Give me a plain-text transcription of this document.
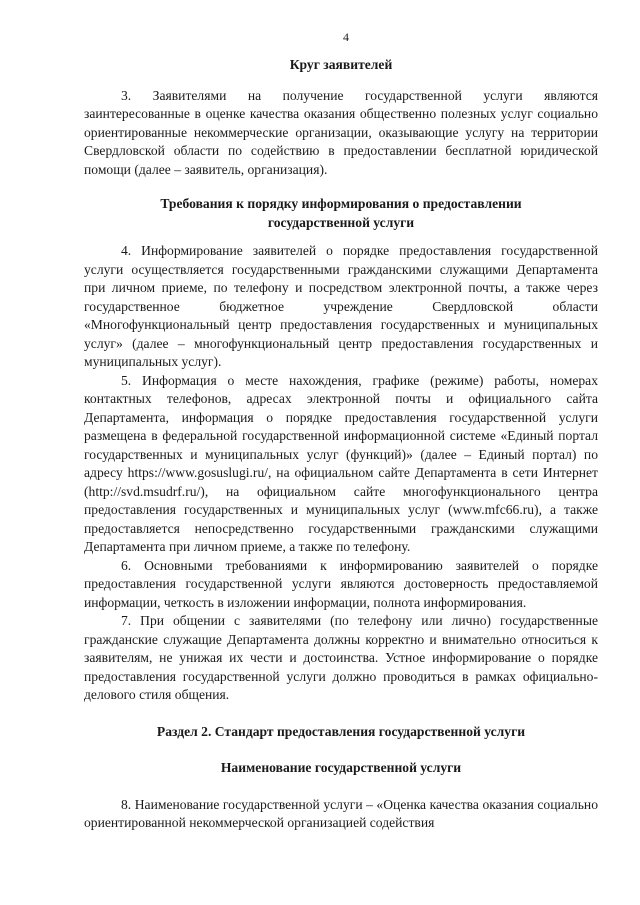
4
Круг заявителей

3. Заявителями на получение государственной услуги являются заинтересованные в оценке качества оказания общественно полезных услуг социально ориентированные некоммерческие организации, оказывающие услугу на территории Свердловской области по содействию в предоставлении бесплатной юридической помощи (далее – заявитель, организация).

Требования к порядку информирования о предоставлении государственной услуги

4. Информирование заявителей о порядке предоставления государственной услуги осуществляется государственными гражданскими служащими Департамента при личном приеме, по телефону и посредством электронной почты, а также через государственное бюджетное учреждение Свердловской области «Многофункциональный центр предоставления государственных и муниципальных услуг» (далее – многофункциональный центр предоставления государственных и муниципальных услуг).

5. Информация о месте нахождения, графике (режиме) работы, номерах контактных телефонов, адресах электронной почты и официального сайта Департамента, информация о порядке предоставления государственной услуги размещена в федеральной государственной информационной системе «Единый портал государственных и муниципальных услуг (функций)» (далее – Единый портал) по адресу https://www.gosuslugi.ru/, на официальном сайте Департамента в сети Интернет (http://svd.msudrf.ru/), на официальном сайте многофункционального центра предоставления государственных и муниципальных услуг (www.mfc66.ru), а также предоставляется непосредственно государственными гражданскими служащими Департамента при личном приеме, а также по телефону.

6. Основными требованиями к информированию заявителей о порядке предоставления государственной услуги являются достоверность предоставляемой информации, четкость в изложении информации, полнота информирования.

7. При общении с заявителями (по телефону или лично) государственные гражданские служащие Департамента должны корректно и внимательно относиться к заявителям, не унижая их чести и достоинства. Устное информирование о порядке предоставления государственной услуги должно проводиться в рамках официально-делового стиля общения.

Раздел 2. Стандарт предоставления государственной услуги
Наименование государственной услуги

8. Наименование государственной услуги – «Оценка качества оказания социально ориентированной некоммерческой организацией содействия
